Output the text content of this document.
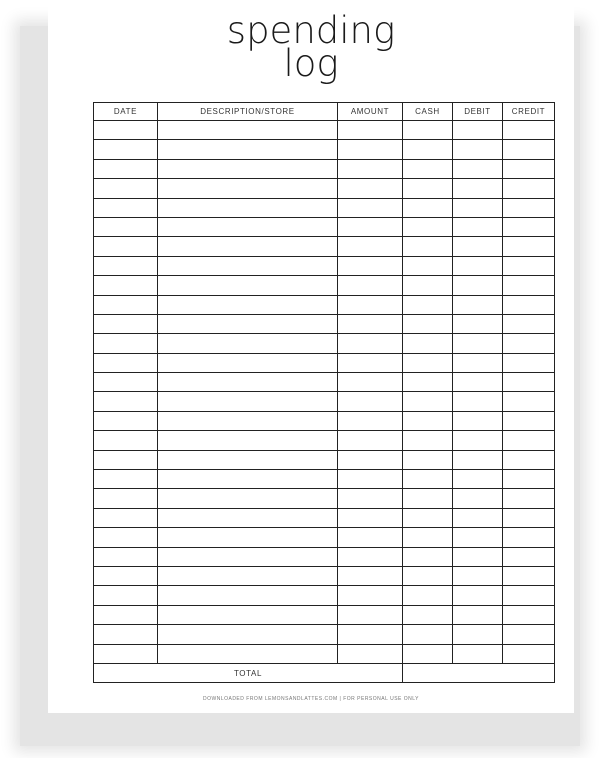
spending
log
DATE	DESCRIPTION/STORE	AMOUNT	CASH	DEBIT	CREDIT

TOTAL					
DOWNLOADED FROM LEMONSANDLATTES.COM | FOR PERSONAL USE ONLY
